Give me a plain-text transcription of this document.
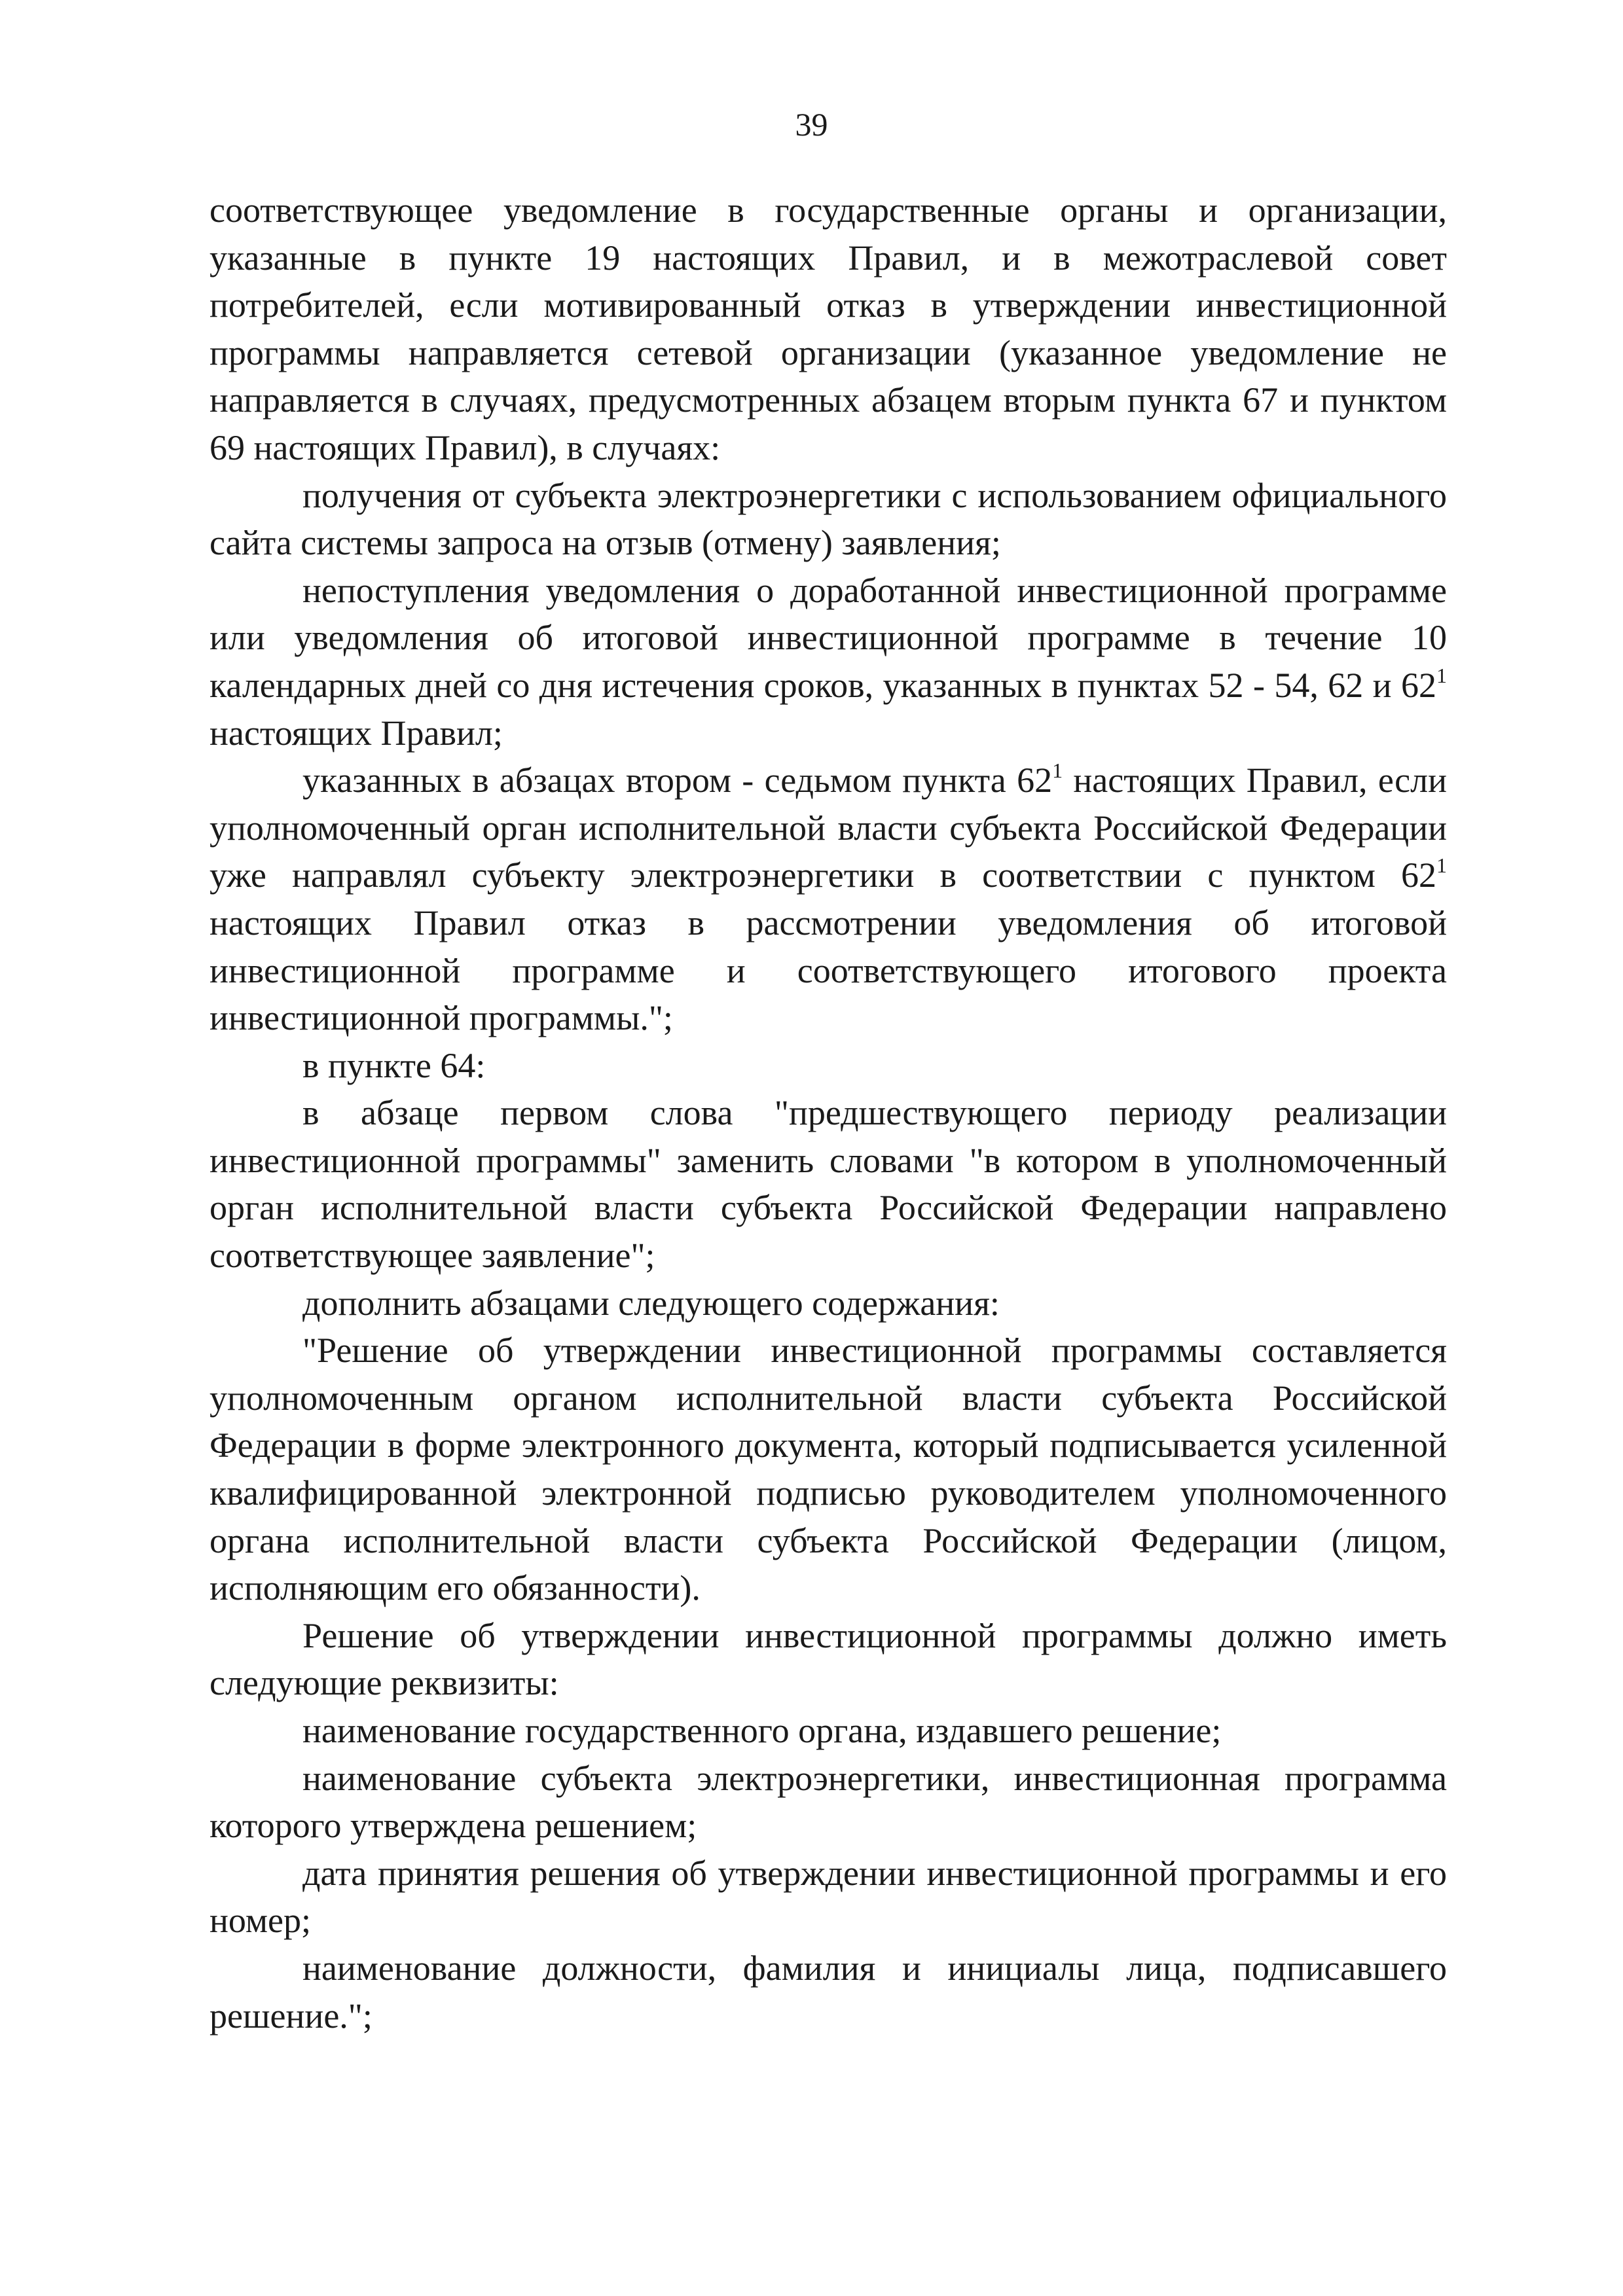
39

соответствующее уведомление в государственные органы и организации, указанные в пункте 19 настоящих Правил, и в межотраслевой совет потребителей, если мотивированный отказ в утверждении инвестиционной программы направляется сетевой организации (указанное уведомление не направляется в случаях, предусмотренных абзацем вторым пункта 67 и пунктом 69 настоящих Правил), в случаях:

получения от субъекта электроэнергетики с использованием официального сайта системы запроса на отзыв (отмену) заявления;

непоступления уведомления о доработанной инвестиционной программе или уведомления об итоговой инвестиционной программе в течение 10 календарных дней со дня истечения сроков, указанных в пунктах 52 - 54, 62 и $62^1$ настоящих Правил;

указанных в абзацах втором - седьмом пункта $62^1$ настоящих Правил, если уполномоченный орган исполнительной власти субъекта Российской Федерации уже направлял субъекту электроэнергетики в соответствии с пунктом $62^1$ настоящих Правил отказ в рассмотрении уведомления об итоговой инвестиционной программе и соответствующего итогового проекта инвестиционной программы.";

в пункте 64:

в абзаце первом слова "предшествующего периоду реализации инвестиционной программы" заменить словами "в котором в уполномоченный орган исполнительной власти субъекта Российской Федерации направлено соответствующее заявление";

дополнить абзацами следующего содержания:

"Решение об утверждении инвестиционной программы составляется уполномоченным органом исполнительной власти субъекта Российской Федерации в форме электронного документа, который подписывается усиленной квалифицированной электронной подписью руководителем уполномоченного органа исполнительной власти субъекта Российской Федерации (лицом, исполняющим его обязанности).

Решение об утверждении инвестиционной программы должно иметь следующие реквизиты:

наименование государственного органа, издавшего решение;

наименование субъекта электроэнергетики, инвестиционная программа которого утверждена решением;

дата принятия решения об утверждении инвестиционной программы и его номер;

наименование должности, фамилия и инициалы лица, подписавшего решение.";
